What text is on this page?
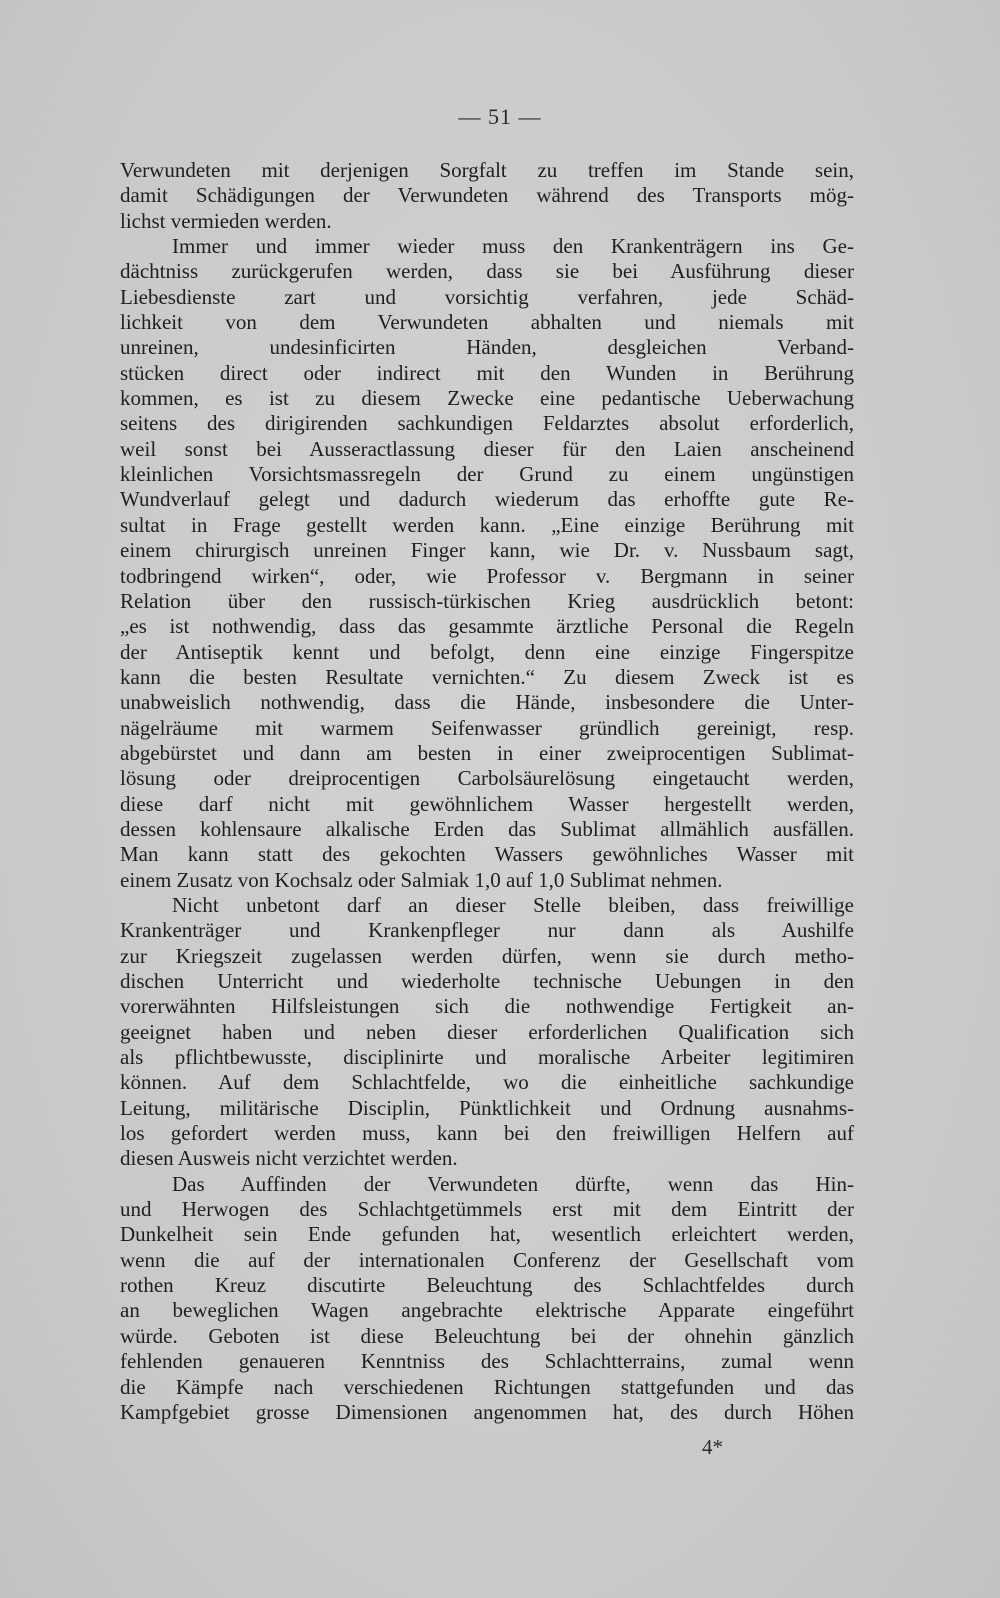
— 51 —
Verwundeten mit derjenigen Sorgfalt zu treffen im Stande sein,
damit Schädigungen der Verwundeten während des Transports mög-
lichst vermieden werden.
Immer und immer wieder muss den Krankenträgern ins Ge-
dächtniss zurückgerufen werden, dass sie bei Ausführung dieser
Liebesdienste zart und vorsichtig verfahren, jede Schäd-
lichkeit von dem Verwundeten abhalten und niemals mit
unreinen, undesinficirten Händen, desgleichen Verband-
stücken direct oder indirect mit den Wunden in Berührung
kommen, es ist zu diesem Zwecke eine pedantische Ueberwachung
seitens des dirigirenden sachkundigen Feldarztes absolut erforderlich,
weil sonst bei Ausseractlassung dieser für den Laien anscheinend
kleinlichen Vorsichtsmassregeln der Grund zu einem ungünstigen
Wundverlauf gelegt und dadurch wiederum das erhoffte gute Re-
sultat in Frage gestellt werden kann. „Eine einzige Berührung mit
einem chirurgisch unreinen Finger kann, wie Dr. v. Nussbaum sagt,
todbringend wirken“, oder, wie Professor v. Bergmann in seiner
Relation über den russisch-türkischen Krieg ausdrücklich betont:
„es ist nothwendig, dass das gesammte ärztliche Personal die Regeln
der Antiseptik kennt und befolgt, denn eine einzige Fingerspitze
kann die besten Resultate vernichten.“ Zu diesem Zweck ist es
unabweislich nothwendig, dass die Hände, insbesondere die Unter-
nägelräume mit warmem Seifenwasser gründlich gereinigt, resp.
abgebürstet und dann am besten in einer zweiprocentigen Sublimat-
lösung oder dreiprocentigen Carbolsäurelösung eingetaucht werden,
diese darf nicht mit gewöhnlichem Wasser hergestellt werden,
dessen kohlensaure alkalische Erden das Sublimat allmählich ausfällen.
Man kann statt des gekochten Wassers gewöhnliches Wasser mit
einem Zusatz von Kochsalz oder Salmiak 1,0 auf 1,0 Sublimat nehmen.
Nicht unbetont darf an dieser Stelle bleiben, dass freiwillige
Krankenträger und Krankenpfleger nur dann als Aushilfe
zur Kriegszeit zugelassen werden dürfen, wenn sie durch metho-
dischen Unterricht und wiederholte technische Uebungen in den
vorerwähnten Hilfsleistungen sich die nothwendige Fertigkeit an-
geeignet haben und neben dieser erforderlichen Qualification sich
als pflichtbewusste, disciplinirte und moralische Arbeiter legitimiren
können. Auf dem Schlachtfelde, wo die einheitliche sachkundige
Leitung, militärische Disciplin, Pünktlichkeit und Ordnung ausnahms-
los gefordert werden muss, kann bei den freiwilligen Helfern auf
diesen Ausweis nicht verzichtet werden.
Das Auffinden der Verwundeten dürfte, wenn das Hin-
und Herwogen des Schlachtgetümmels erst mit dem Eintritt der
Dunkelheit sein Ende gefunden hat, wesentlich erleichtert werden,
wenn die auf der internationalen Conferenz der Gesellschaft vom
rothen Kreuz discutirte Beleuchtung des Schlachtfeldes durch
an beweglichen Wagen angebrachte elektrische Apparate eingeführt
würde. Geboten ist diese Beleuchtung bei der ohnehin gänzlich
fehlenden genaueren Kenntniss des Schlachtterrains, zumal wenn
die Kämpfe nach verschiedenen Richtungen stattgefunden und das
Kampfgebiet grosse Dimensionen angenommen hat, des durch Höhen
4*
